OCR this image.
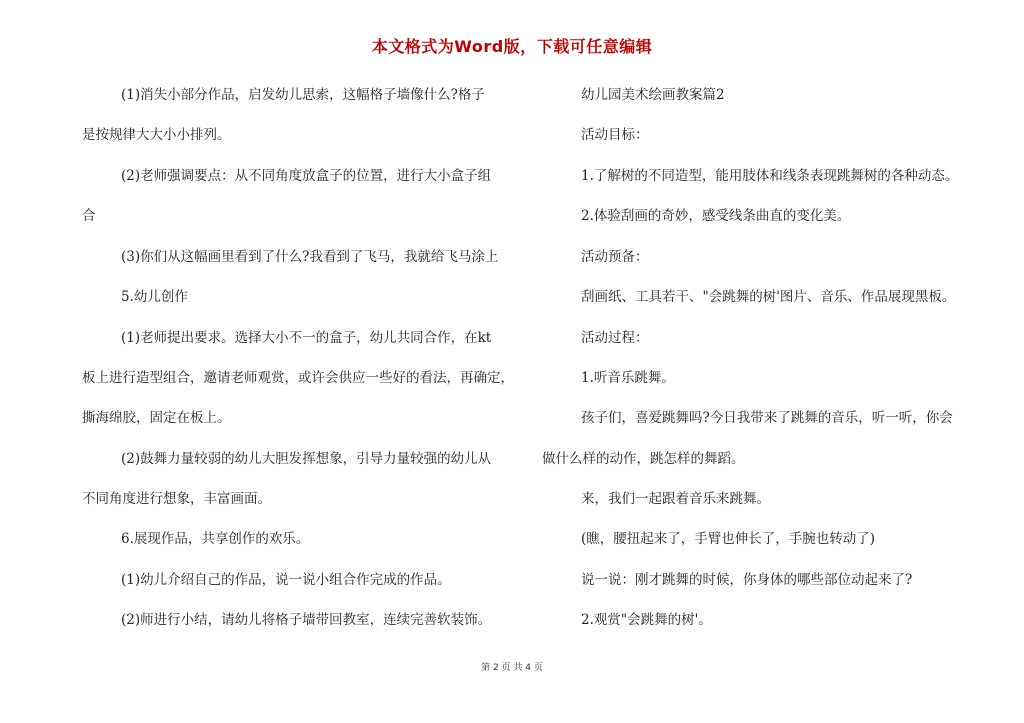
本文格式为Word版，下载可任意编辑
(1)消失小部分作品，启发幼儿思索，这幅格子墙像什么?格子
是按规律大大小小排列。
(2)老师强调要点：从不同角度放盒子的位置，进行大小盒子组
合
(3)你们从这幅画里看到了什么?我看到了飞马，我就给飞马涂上
5.幼儿创作
(1)老师提出要求。选择大小不一的盒子，幼儿共同合作，在kt
板上进行造型组合，邀请老师观赏，或许会供应一些好的看法，再确定，
撕海绵胶，固定在板上。
(2)鼓舞力量较弱的幼儿大胆发挥想象，引导力量较强的幼儿从
不同角度进行想象，丰富画面。
6.展现作品，共享创作的欢乐。
(1)幼儿介绍自己的作品，说一说小组合作完成的作品。
(2)师进行小结，请幼儿将格子墙带回教室，连续完善软装饰。
幼儿园美术绘画教案篇2
活动目标：
1.了解树的不同造型，能用肢体和线条表现跳舞树的各种动态。
2.体验刮画的奇妙，感受线条曲直的变化美。
活动预备：
刮画纸、工具若干、"会跳舞的树'图片、音乐、作品展现黑板。
活动过程：
1.听音乐跳舞。
孩子们，喜爱跳舞吗?今日我带来了跳舞的音乐，听一听，你会
做什么样的动作，跳怎样的舞蹈。
来，我们一起跟着音乐来跳舞。
(瞧，腰扭起来了，手臂也伸长了，手腕也转动了)
说一说：刚才跳舞的时候，你身体的哪些部位动起来了?
2.观赏"会跳舞的树'。
第 2 页 共 4 页
